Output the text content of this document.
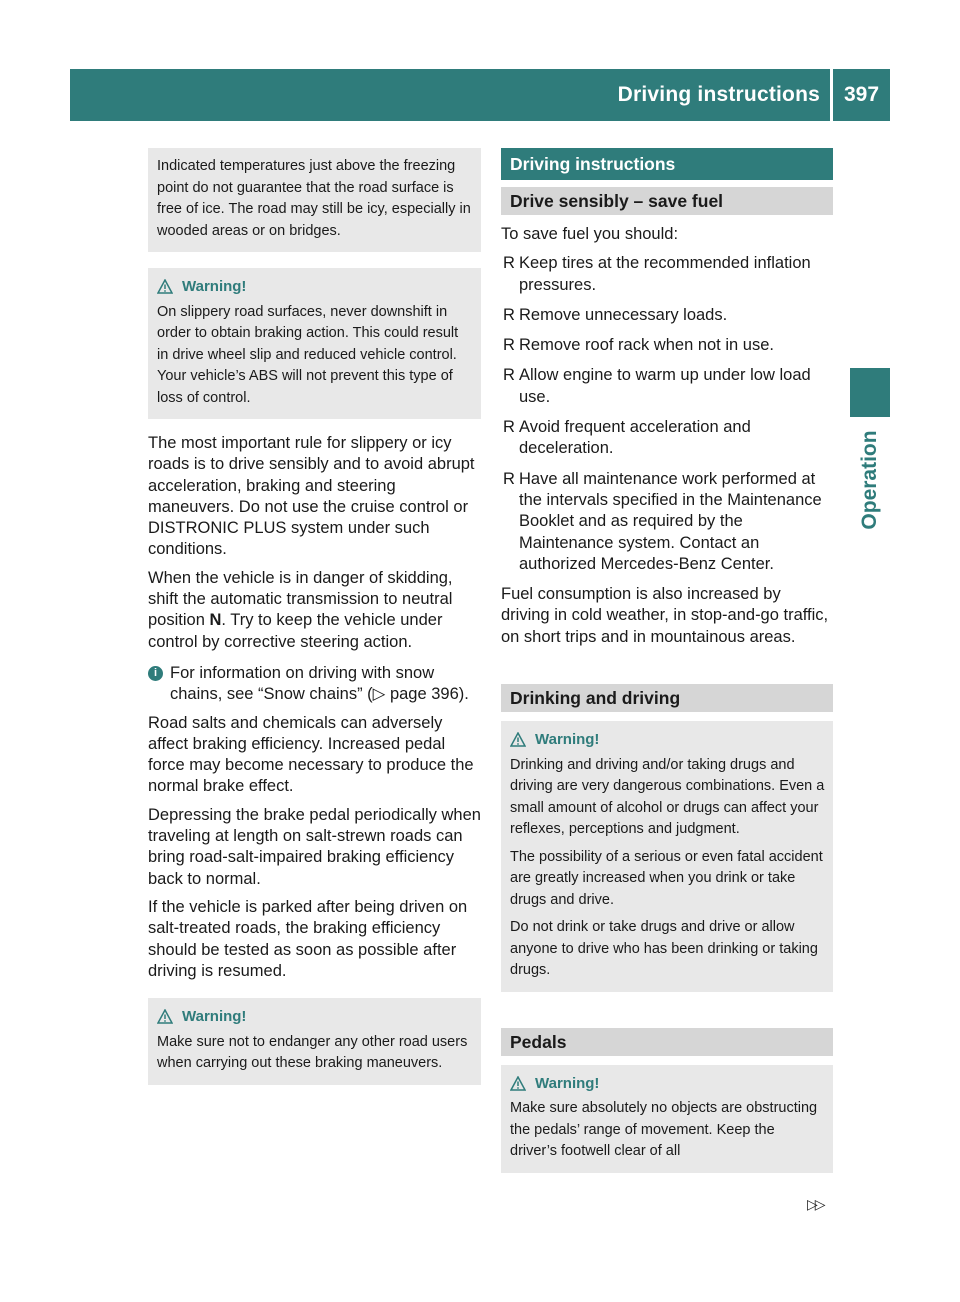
Driving instructions	397
Operation

Indicated temperatures just above the freezing point do not guarantee that the road surface is free of ice. The road may still be icy, especially in wooded areas or on bridges.

Warning!

On slippery road surfaces, never downshift in order to obtain braking action. This could result in drive wheel slip and reduced vehicle control. Your vehicle’s ABS will not prevent this type of loss of control.

The most important rule for slippery or icy roads is to drive sensibly and to avoid abrupt acceleration, braking and steering maneuvers. Do not use the cruise control or DISTRONIC PLUS system under such conditions.

When the vehicle is in danger of skidding, shift the automatic transmission to neutral position N. Try to keep the vehicle under control by corrective steering action.

i For information on driving with snow chains, see “Snow chains” (▷ page 396).

Road salts and chemicals can adversely affect braking efficiency. Increased pedal force may become necessary to produce the normal brake effect.

Depressing the brake pedal periodically when traveling at length on salt-strewn roads can bring road-salt-impaired braking efficiency back to normal.

If the vehicle is parked after being driven on salt-treated roads, the braking efficiency should be tested as soon as possible after driving is resumed.

Warning!

Make sure not to endanger any other road users when carrying out these braking maneuvers.

Driving instructions
Drive sensibly – save fuel

To save fuel you should:

R Keep tires at the recommended inflation pressures.
R Remove unnecessary loads.
R Remove roof rack when not in use.
R Allow engine to warm up under low load use.
R Avoid frequent acceleration and deceleration.
R Have all maintenance work performed at the intervals specified in the Maintenance Booklet and as required by the Maintenance system. Contact an authorized Mercedes-Benz Center.

Fuel consumption is also increased by driving in cold weather, in stop-and-go traffic, on short trips and in mountainous areas.

Drinking and driving
Warning!

Drinking and driving and/or taking drugs and driving are very dangerous combinations. Even a small amount of alcohol or drugs can affect your reflexes, perceptions and judgment.

The possibility of a serious or even fatal accident are greatly increased when you drink or take drugs and drive.

Do not drink or take drugs and drive or allow anyone to drive who has been drinking or taking drugs.

Pedals
Warning!

Make sure absolutely no objects are obstructing the pedals’ range of movement. Keep the driver’s footwell clear of all

▷▷
